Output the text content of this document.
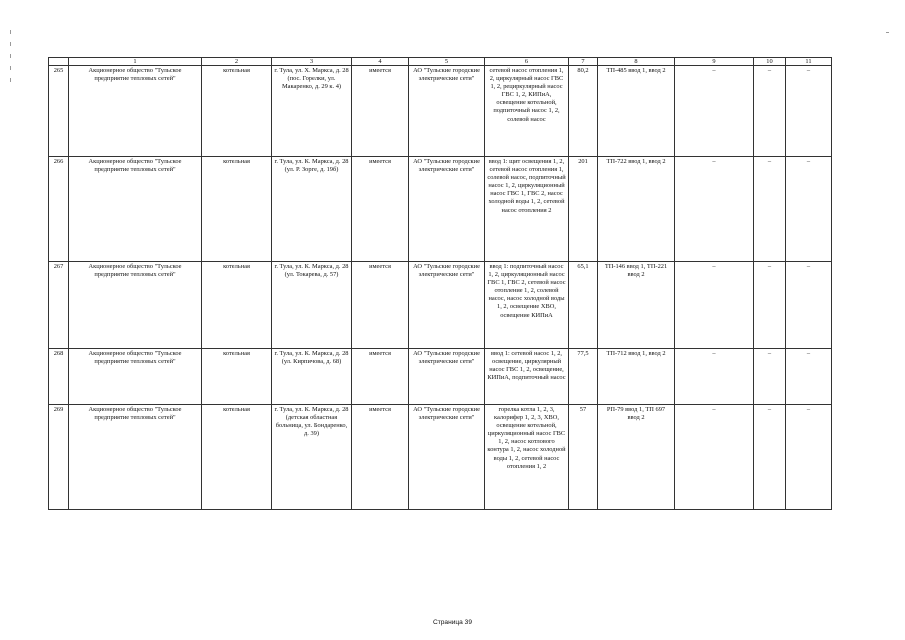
	1	2	3	4	5	6	7	8	9	10	11
265	Акционерное общество "Тульское предприятие тепловых сетей"	котельная	г. Тула, ул. Х. Маркса, д. 28 (пос. Горелки, ул. Макаренко, д. 29 к. 4)	имеется	АО "Тульские городские электрические сети"	сетевой насос отопления 1, 2, циркулярный насос ГВС 1, 2, рециркулярный насос ГВС 1, 2, КИПиА, освещение котельной, подпиточный насос 1, 2, солевой насос	80,2	ТП-485 ввод 1, ввод 2	–	–	–
266	Акционерное общество "Тульское предприятие тепловых сетей"	котельная	г. Тула, ул. К. Маркса, д. 28 (ул. Р. Зорге, д. 19б)	имеется	АО "Тульские городские электрические сети"	ввод 1: щит освещения 1, 2, сетевой насос отопления 1, солевой насос, подпиточный насос 1, 2, циркуляционный насос ГВС 1, ГВС 2, насос холодной воды 1, 2, сетевой насос отопления 2	201	ТП-722 ввод 1, ввод 2	–	–	–
267	Акционерное общество "Тульское предприятие тепловых сетей"	котельная	г. Тула, ул. К. Маркса, д. 28 (ул. Токарева, д. 57)	имеется	АО "Тульские городские электрические сети"	ввод 1: подпиточный насос 1, 2, циркуляционный насос ГВС 1, ГВС 2, сетевой насос отопление 1, 2, солевой насос, насос холодной воды 1, 2, освещение ХВО, освещение КИПиА	65,1	ТП-146 ввод 1, ТП-221 ввод 2	–	–	–
268	Акционерное общество "Тульское предприятие тепловых сетей"	котельная	г. Тула, ул. К. Маркса, д. 28 (ул. Кирпичова, д. 68)	имеется	АО "Тульские городские электрические сети"	ввод 1: сетевой насос 1, 2, освещение, циркулярный насос ГВС 1, 2, освещение, КИПиА, подпиточный насос	77,5	ТП-712 ввод 1, ввод 2	–	–	–
269	Акционерное общество "Тульское предприятие тепловых сетей"	котельная	г. Тула, ул. К. Маркса, д. 28 (детская областная больница, ул. Бондаренко, д. 39)	имеется	АО "Тульские городские электрические сети"	горелка котла 1, 2, 3, калорифер 1, 2, 3, ХВО, освещение котельной, циркуляционный насос ГВС 1, 2, насос котлового контура 1, 2, насос холодной воды 1, 2, сетевой насос отопления 1, 2	57	РП-79 ввод 1, ТП 697 ввод 2	–	–	–
Страница 39
